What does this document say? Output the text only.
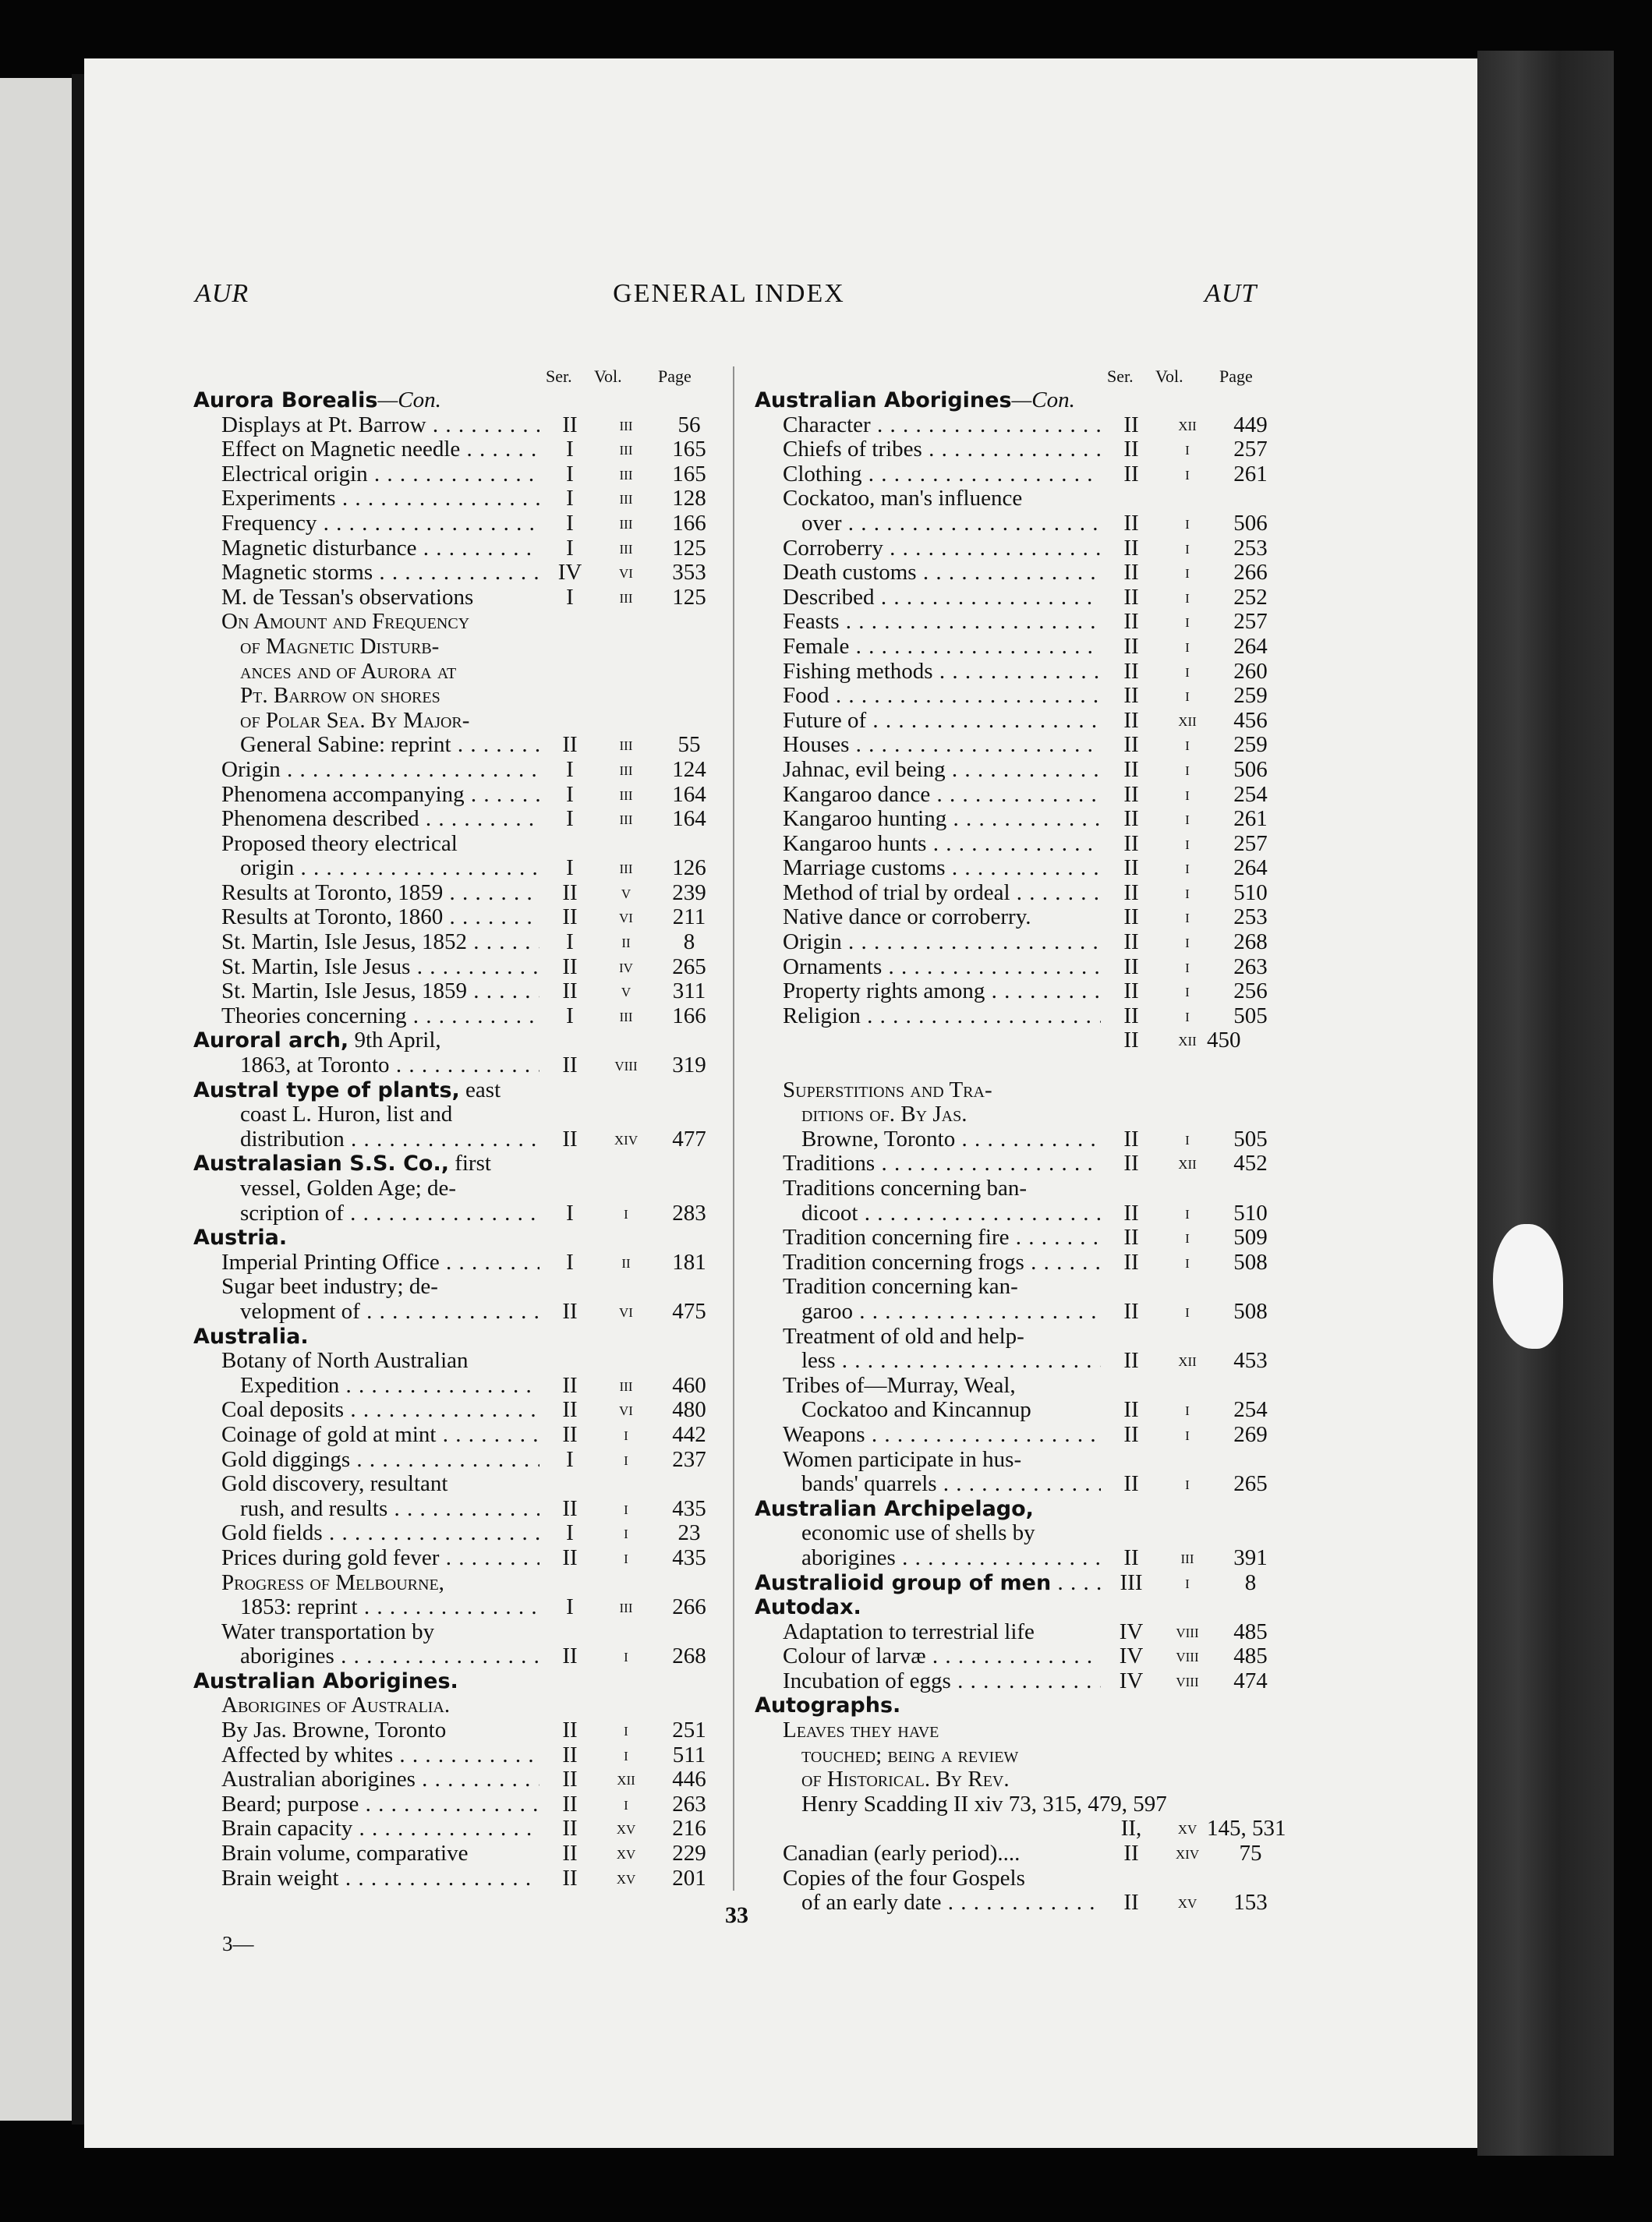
AUR	GENERAL INDEX	AUT
Ser.	Vol.	Page
Aurora Borealis—Con.
Displays at Pt. Barrow . . .	II	iii	56
Effect on Magnetic needle . . .	I	iii	165
Electrical origin . . .	I	iii	165
Experiments . . .	I	iii	128
Frequency . . .	I	iii	166
Magnetic disturbance . . .	I	iii	125
Magnetic storms . . .	IV	vi	353
M. de Tessan's observations	I	iii	125
On Amount and Frequency
of Magnetic Disturb-
ances and of Aurora at
Pt. Barrow on shores
of Polar Sea. By Major-
General Sabine: reprint . . .	II	iii	55
Origin . . .	I	iii	124
Phenomena accompanying . . .	I	iii	164
Phenomena described . . .	I	iii	164
Proposed theory electrical
origin . . .	I	iii	126
Results at Toronto, 1859 . . .	II	v	239
Results at Toronto, 1860 . . .	II	vi	211
St. Martin, Isle Jesus, 1852 . . .	I	ii	8
St. Martin, Isle Jesus . . .	II	iv	265
St. Martin, Isle Jesus, 1859 . . .	II	v	311
Theories concerning . . .	I	iii	166
Auroral arch, 9th April,
1863, at Toronto . . .	II	viii	319
Austral type of plants, east
coast L. Huron, list and
distribution . . .	II	xiv	477
Australasian S.S. Co., first
vessel, Golden Age; de-
scription of . . .	I	i	283
Austria.
Imperial Printing Office . . .	I	ii	181
Sugar beet industry; de-
velopment of . . .	II	vi	475
Australia.
Botany of North Australian
Expedition . . .	II	iii	460
Coal deposits . . .	II	vi	480
Coinage of gold at mint . . .	II	i	442
Gold diggings . . .	I	i	237
Gold discovery, resultant
rush, and results . . .	II	i	435
Gold fields . . .	I	i	23
Prices during gold fever . . .	II	i	435
Progress of Melbourne,
1853: reprint . . .	I	iii	266
Water transportation by
aborigines . . .	II	i	268
Australian Aborigines.
Aborigines of Australia.
By Jas. Browne, Toronto	II	i	251
Affected by whites . . .	II	i	511
Australian aborigines . . .	II	xii	446
Beard; purpose . . .	II	i	263
Brain capacity . . .	II	xv	216
Brain volume, comparative	II	xv	229
Brain weight . . .	II	xv	201
Ser.	Vol.	Page
Australian Aborigines—Con.
Character . . .	II	xii	449
Chiefs of tribes . . .	II	i	257
Clothing . . .	II	i	261
Cockatoo, man's influence
over . . .	II	i	506
Corroberry . . .	II	i	253
Death customs . . .	II	i	266
Described . . .	II	i	252
Feasts . . .	II	i	257
Female . . .	II	i	264
Fishing methods . . .	II	i	260
Food . . .	II	i	259
Future of . . .	II	xii	456
Houses . . .	II	i	259
Jahnac, evil being . . .	II	i	506
Kangaroo dance . . .	II	i	254
Kangaroo hunting . . .	II	i	261
Kangaroo hunts . . .	II	i	257
Marriage customs . . .	II	i	264
Method of trial by ordeal . . .	II	i	510
Native dance or corroberry.	II	i	253
Origin . . .	II	i	268
Ornaments . . .	II	i	263
Property rights among . . .	II	i	256
Religion . . .	II	i	505
II	xii 450
Superstitions and Tra-
ditions of. By Jas.
Browne, Toronto . . .	II	i	505
Traditions . . .	II	xii	452
Traditions concerning ban-
dicoot . . .	II	i	510
Tradition concerning fire . . .	II	i	509
Tradition concerning frogs . . .	II	i	508
Tradition concerning kan-
garoo . . .	II	i	508
Treatment of old and help-
less . . .	II	xii	453
Tribes of—Murray, Weal,
Cockatoo and Kincannup	II	i	254
Weapons . . .	II	i	269
Women participate in hus-
bands' quarrels . . .	II	i	265
Australian Archipelago,
economic use of shells by
aborigines . . .	II	iii	391
Australioid group of men . . .	III	i	8
Autodax.
Adaptation to terrestrial life	IV	viii	485
Colour of larvæ . . .	IV	viii	485
Incubation of eggs . . .	IV	viii	474
Autographs.
Leaves they have
touched; being a review
of Historical. By Rev.
Henry Scadding II xiv 73, 315, 479, 597
II,	xv 145, 531
Canadian (early period)....	II	xiv	75
Copies of the four Gospels
of an early date . . .	II	xv	153
33
3—
